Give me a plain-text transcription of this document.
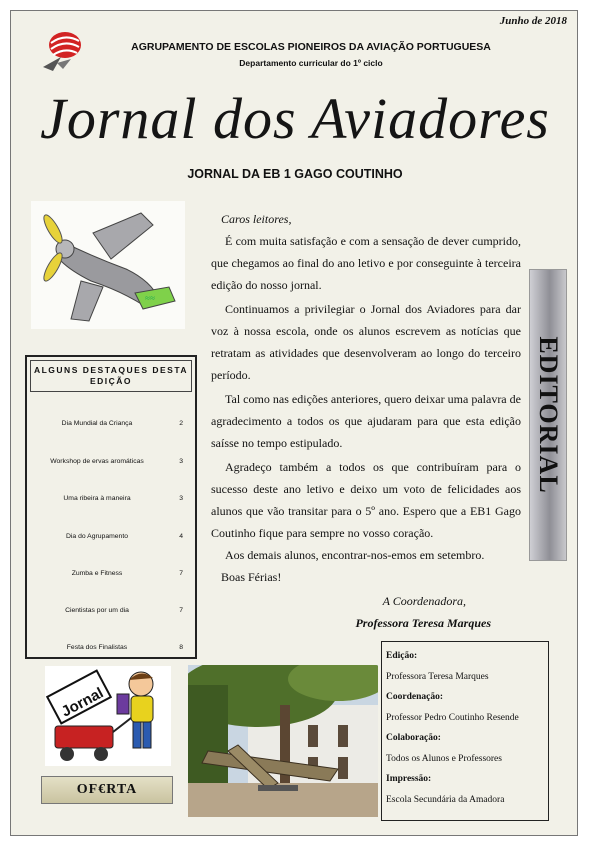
Junho de 2018
AGRUPAMENTO DE ESCOLAS PIONEIROS DA AVIAÇÃO PORTUGUESA
Departamento curricular do 1º ciclo
Jornal dos Aviadores
JORNAL DA EB 1 GAGO COUTINHO
≈≈
Caros leitores,

É com muita satisfação e com a sensação de dever cumprido, que chegamos ao final do ano letivo e por conseguinte à terceira edição do nosso jornal.

Continuamos a privilegiar o Jornal dos Aviadores para dar voz à nossa escola, onde os alunos escrevem as notícias que retratam as atividades que desenvolveram ao longo do terceiro período.

Tal como nas edições anteriores, quero deixar uma palavra de agradecimento a todos os que ajudaram para que esta edição saísse no tempo estipulado.

Agradeço também a todos os que contribuíram para o sucesso deste ano letivo e deixo um voto de felicidades aos alunos que vão transitar para o 5º ano. Espero que a EB1 Gago Coutinho fique para sempre no vosso coração.

Aos demais alunos, encontrar-nos-emos em setembro.

Boas Férias!
A Coordenadora,
Professora Teresa Marques
EDITORIAL
ALGUNS DESTAQUES DESTA EDIÇÃO
Dia Mundial da Criança	2
Workshop de ervas aromáticas	3
Uma ribeira à maneira	3
Dia do Agrupamento	4
Zumba e Fitness	7
Cientistas por um dia	7
Festa dos Finalistas	8
Jornal
OF€RTA
Edição:
Professora Teresa Marques
Coordenação:
Professor Pedro Coutinho Resende
Colaboração:
Todos os Alunos e Professores
Impressão:
Escola Secundária da Amadora
